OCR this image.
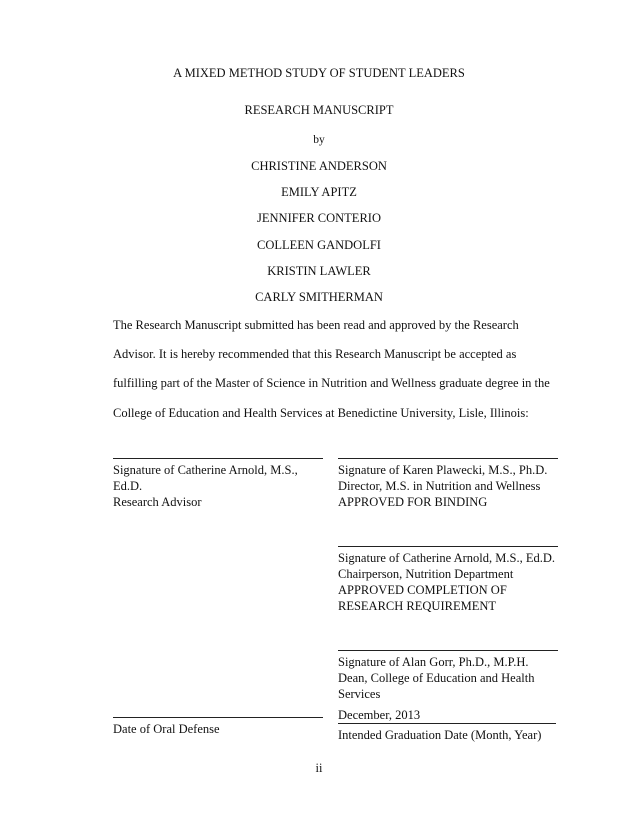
A MIXED METHOD STUDY OF STUDENT LEADERS
RESEARCH MANUSCRIPT
by
CHRISTINE ANDERSON
EMILY APITZ
JENNIFER CONTERIO
COLLEEN GANDOLFI
KRISTIN LAWLER
CARLY SMITHERMAN
The Research Manuscript submitted has been read and approved by the Research
Advisor. It is hereby recommended that this Research Manuscript be accepted as
fulfilling part of the Master of Science in Nutrition and Wellness graduate degree in the
College of Education and Health Services at Benedictine University, Lisle, Illinois:
Signature of Catherine Arnold, M.S.,
Ed.D.
Research Advisor
Signature of Karen Plawecki, M.S., Ph.D.
Director, M.S. in Nutrition and Wellness
APPROVED FOR BINDING
Signature of Catherine Arnold, M.S., Ed.D.
Chairperson, Nutrition Department
APPROVED COMPLETION OF
RESEARCH REQUIREMENT
Signature of Alan Gorr, Ph.D., M.P.H.
Dean, College of Education and Health
Services
Date of Oral Defense
December, 2013
Intended Graduation Date (Month, Year)
ii
